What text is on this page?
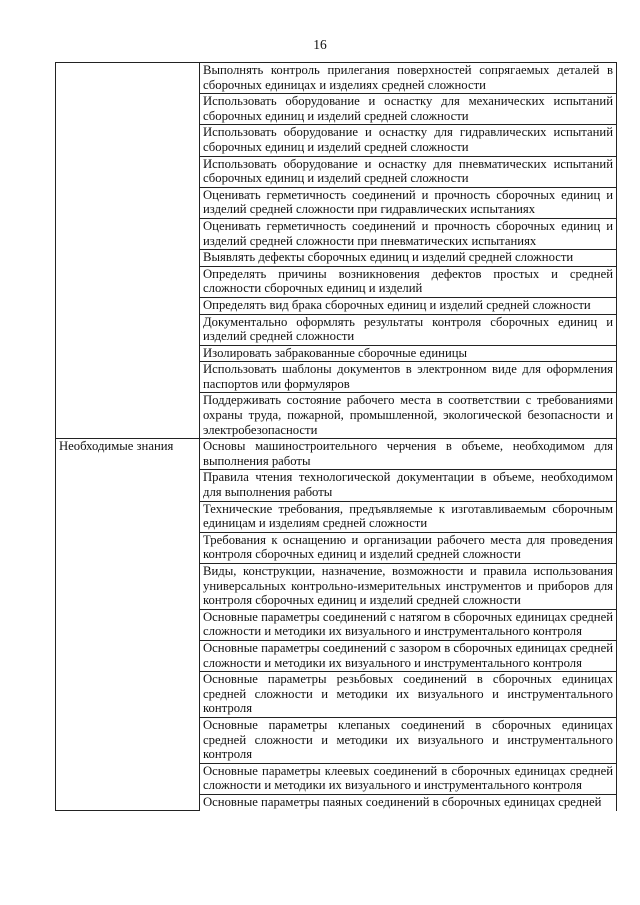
16
	Выполнять контроль прилегания поверхностей сопрягаемых деталей в сборочных единицах и изделиях средней сложности
	Использовать оборудование и оснастку для механических испытаний сборочных единиц и изделий средней сложности
	Использовать оборудование и оснастку для гидравлических испытаний сборочных единиц и изделий средней сложности
	Использовать оборудование и оснастку для пневматических испытаний сборочных единиц и изделий средней сложности
	Оценивать герметичность соединений и прочность сборочных единиц и изделий средней сложности при гидравлических испытаниях
	Оценивать герметичность соединений и прочность сборочных единиц и изделий средней сложности при пневматических испытаниях
	Выявлять дефекты сборочных единиц и изделий средней сложности
	Определять причины возникновения дефектов простых и средней сложности сборочных единиц и изделий
	Определять вид брака сборочных единиц и изделий средней сложности
	Документально оформлять результаты контроля сборочных единиц и изделий средней сложности
	Изолировать забракованные сборочные единицы
	Использовать шаблоны документов в электронном виде для оформления паспортов или формуляров
	Поддерживать состояние рабочего места в соответствии с требованиями охраны труда, пожарной, промышленной, экологической безопасности и электробезопасности
Необходимые знания	Основы машиностроительного черчения в объеме, необходимом для выполнения работы
	Правила чтения технологической документации в объеме, необходимом для выполнения работы
	Технические требования, предъявляемые к изготавливаемым сборочным единицам и изделиям средней сложности
	Требования к оснащению и организации рабочего места для проведения контроля сборочных единиц и изделий средней сложности
	Виды, конструкции, назначение, возможности и правила использования универсальных контрольно-измерительных инструментов и приборов для контроля сборочных единиц и изделий средней сложности
	Основные параметры соединений с натягом в сборочных единицах средней сложности и методики их визуального и инструментального контроля
	Основные параметры соединений с зазором в сборочных единицах средней сложности и методики их визуального и инструментального контроля
	Основные параметры резьбовых соединений в сборочных единицах средней сложности и методики их визуального и инструментального контроля
	Основные параметры клепаных соединений в сборочных единицах средней сложности и методики их визуального и инструментального контроля
	Основные параметры клеевых соединений в сборочных единицах средней сложности и методики их визуального и инструментального контроля
	Основные параметры паяных соединений в сборочных единицах средней
